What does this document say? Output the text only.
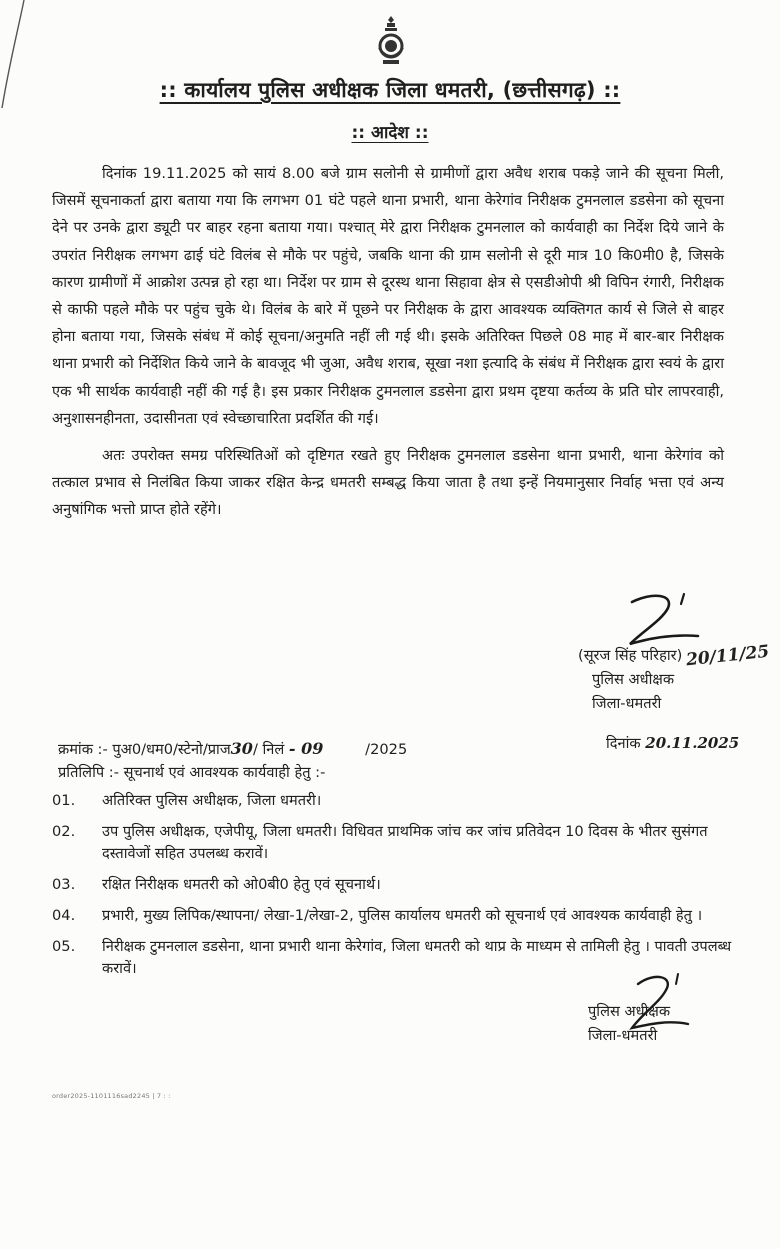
:: कार्यालय पुलिस अधीक्षक जिला धमतरी, (छत्तीसगढ़) ::
:: आदेश ::

दिनांक 19.11.2025 को सायं 8.00 बजे ग्राम सलोनी से ग्रामीणों द्वारा अवैध शराब पकड़े जाने की सूचना मिली, जिसमें सूचनाकर्ता द्वारा बताया गया कि लगभग 01 घंटे पहले थाना प्रभारी, थाना केरेगांव निरीक्षक टुमनलाल डडसेना को सूचना देने पर उनके द्वारा ड्यूटी पर बाहर रहना बताया गया। पश्चात् मेरे द्वारा निरीक्षक टुमनलाल को कार्यवाही का निर्देश दिये जाने के उपरांत निरीक्षक लगभग ढाई घंटे विलंब से मौके पर पहुंचे, जबकि थाना की ग्राम सलोनी से दूरी मात्र 10 कि0मी0 है, जिसके कारण ग्रामीणों में आक्रोश उत्पन्न हो रहा था। निर्देश पर ग्राम से दूरस्थ थाना सिहावा क्षेत्र से एसडीओपी श्री विपिन रंगारी, निरीक्षक से काफी पहले मौके पर पहुंच चुके थे। विलंब के बारे में पूछने पर निरीक्षक के द्वारा आवश्यक व्यक्तिगत कार्य से जिले से बाहर होना बताया गया, जिसके संबंध में कोई सूचना/अनुमति नहीं ली गई थी। इसके अतिरिक्त पिछले 08 माह में बार-बार निरीक्षक थाना प्रभारी को निर्देशित किये जाने के बावजूद भी जुआ, अवैध शराब, सूखा नशा इत्यादि के संबंध में निरीक्षक द्वारा स्वयं के द्वारा एक भी सार्थक कार्यवाही नहीं की गई है। इस प्रकार निरीक्षक टुमनलाल डडसेना द्वारा प्रथम दृष्टया कर्तव्य के प्रति घोर लापरवाही, अनुशासनहीनता, उदासीनता एवं स्वेच्छाचारिता प्रदर्शित की गई।

अतः उपरोक्त समग्र परिस्थितिओं को दृष्टिगत रखते हुए निरीक्षक टुमनलाल डडसेना थाना प्रभारी, थाना केरेगांव को तत्काल प्रभाव से निलंबित किया जाकर रक्षित केन्द्र धमतरी सम्बद्ध किया जाता है तथा इन्हें नियमानुसार निर्वाह भत्ता एवं अन्य अनुषांगिक भत्तो प्राप्त होते रहेंगे।

(सूरज सिंह परिहार) 20/11/25
पुलिस अधीक्षक
जिला-धमतरी
क्रमांक :- पुअ0/धम0/स्टेनो/प्राज30/ निलं - 09	/2025	दिनांक 20.11.2025
प्रतिलिपि :- सूचनार्थ एवं आवश्यक कार्यवाही हेतु :-
01.	अतिरिक्त पुलिस अधीक्षक, जिला धमतरी।
02.	उप पुलिस अधीक्षक, एजेपीयू, जिला धमतरी। विधिवत प्राथमिक जांच कर जांच प्रतिवेदन 10 दिवस के भीतर सुसंगत दस्तावेजों सहित उपलब्ध करावें।
03.	रक्षित निरीक्षक धमतरी को ओ0बी0 हेतु एवं सूचनार्थ।
04.	प्रभारी, मुख्य लिपिक/स्थापना/ लेखा-1/लेखा-2, पुलिस कार्यालय धमतरी को सूचनार्थ एवं आवश्यक कार्यवाही हेतु ।
05.	निरीक्षक टुमनलाल डडसेना, थाना प्रभारी थाना केरेगांव, जिला धमतरी को थाप्र के माध्यम से तामिली हेतु । पावती उपलब्ध करावें।
पुलिस अधीक्षक
जिला-धमतरी
order2025-1101116sad2245 | 7 : :
